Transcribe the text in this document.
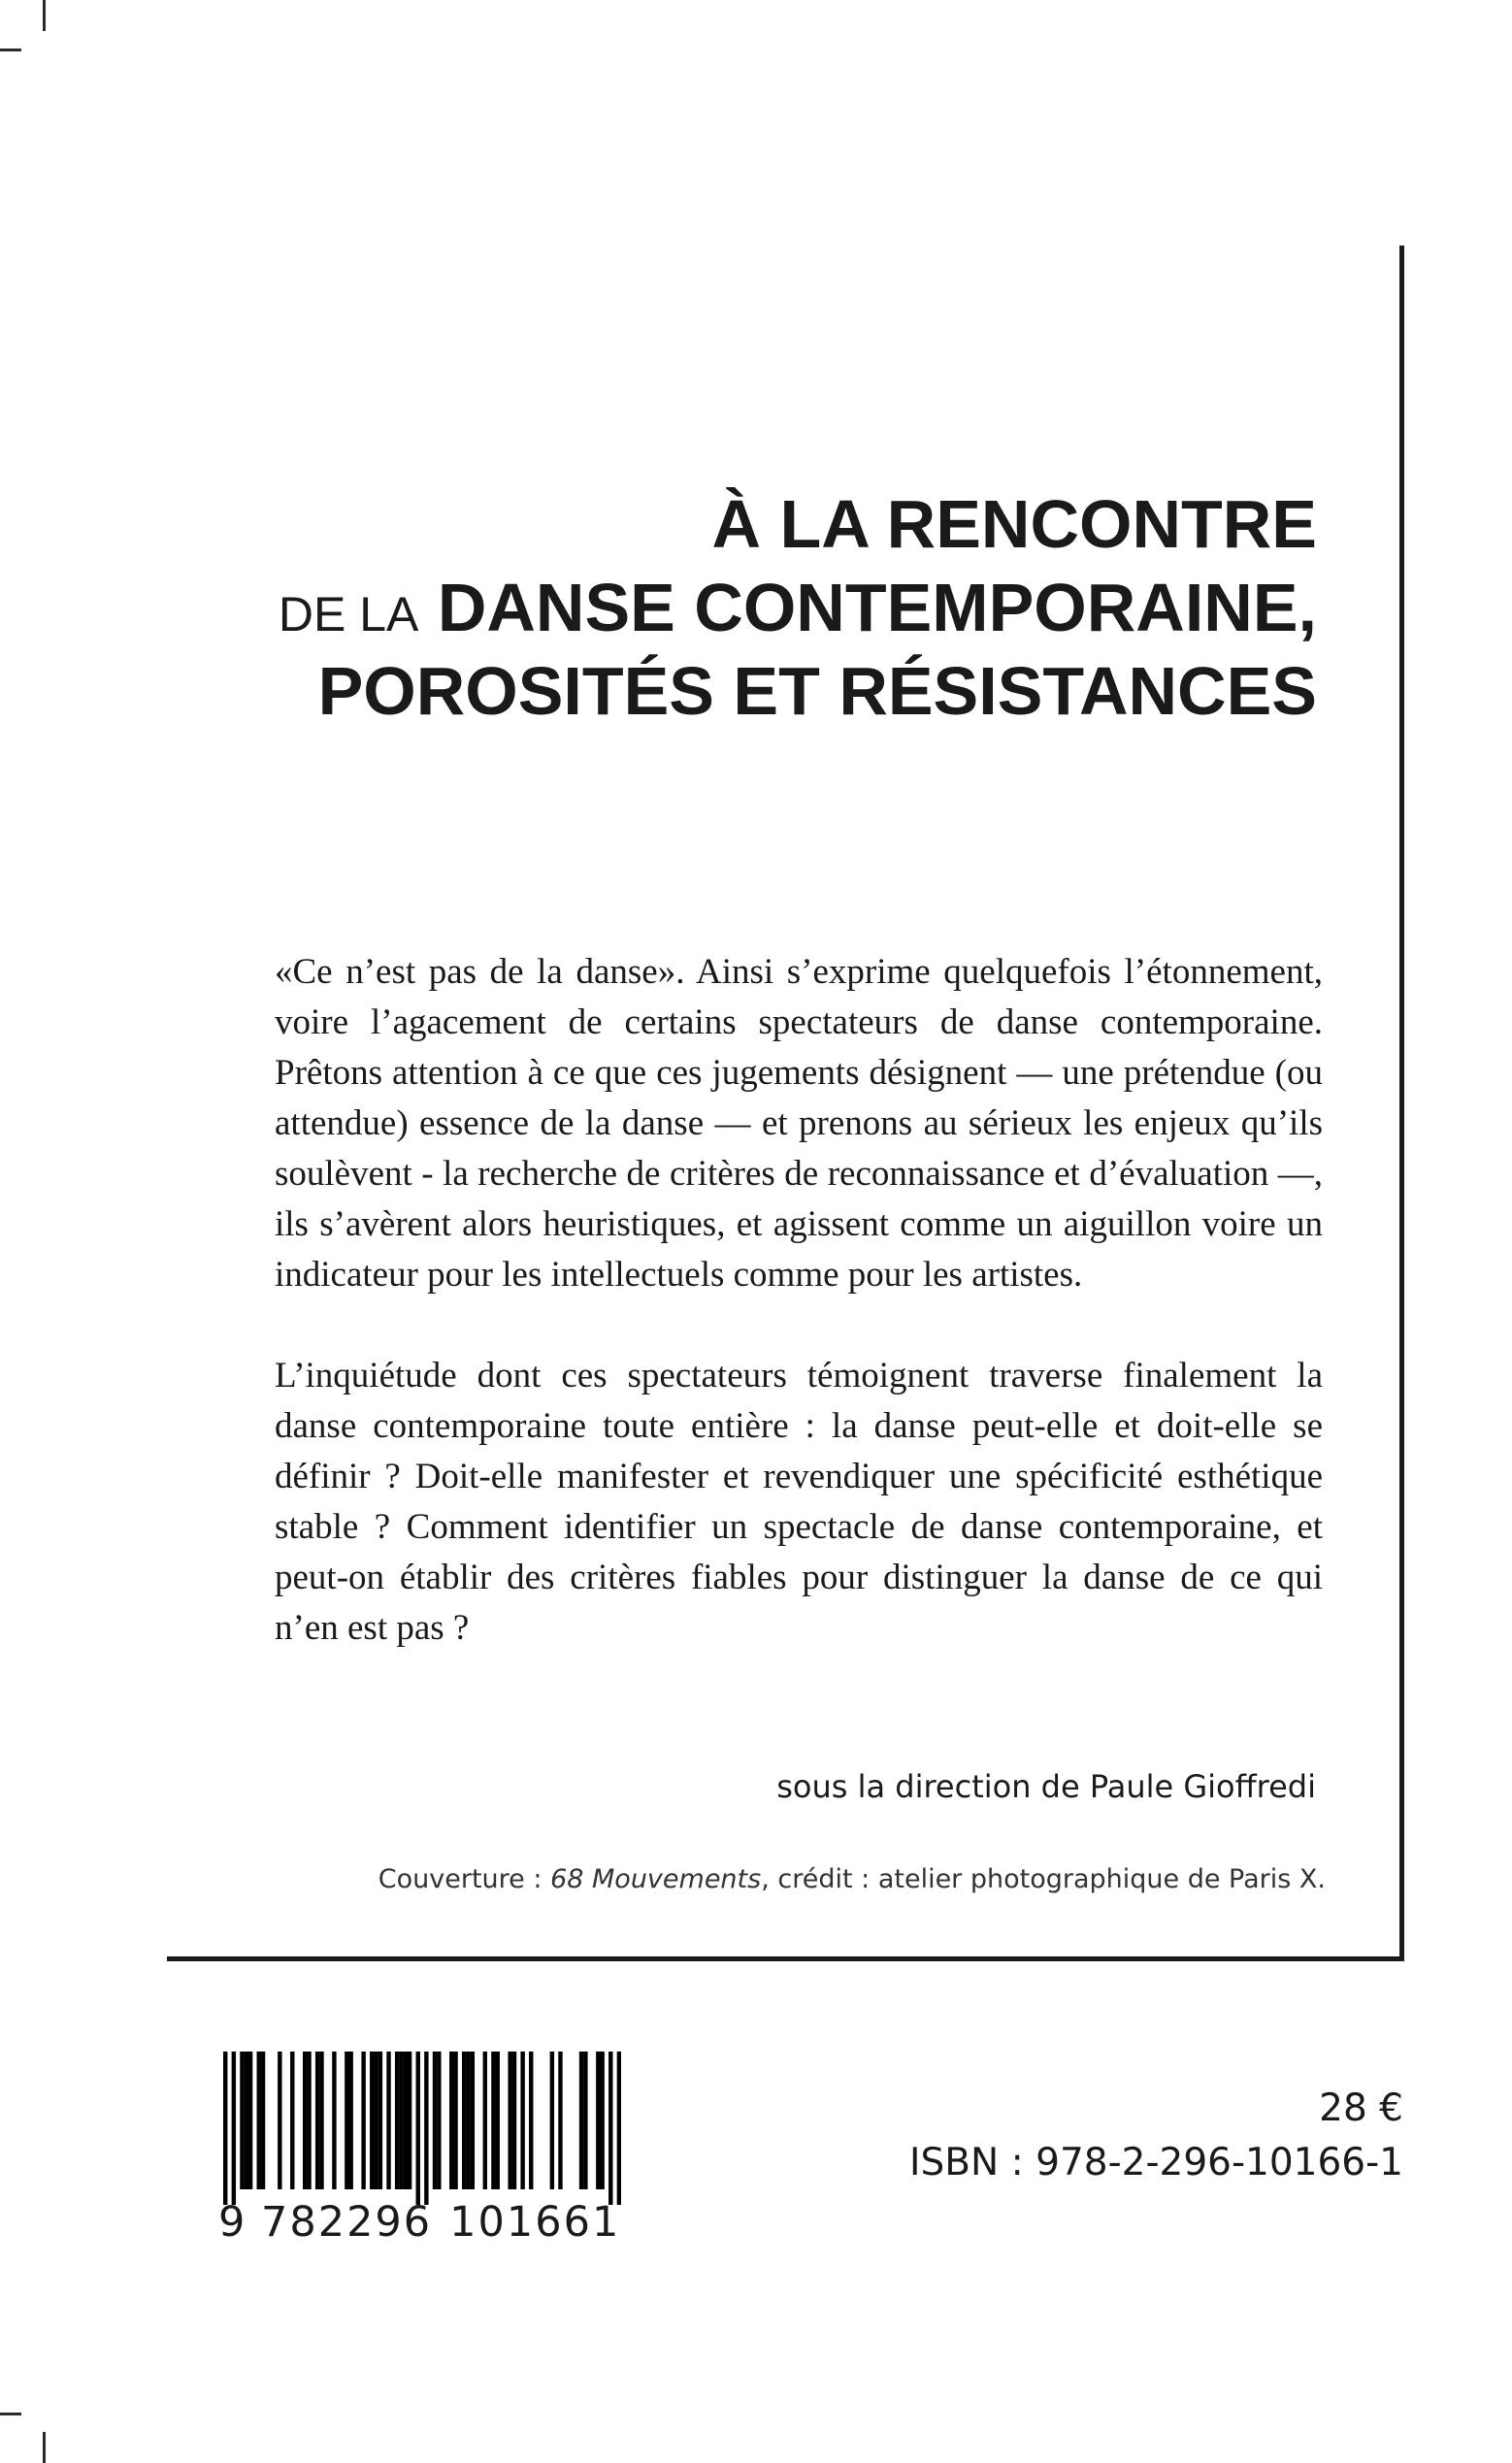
À LA RENCONTRE
DE LA DANSE CONTEMPORAINE,
POROSITÉS ET RÉSISTANCES

«Ce n’est pas de la danse». Ainsi s’exprime quelquefois l’étonnement, voire l’agacement de certains spectateurs de danse contemporaine. Prêtons attention à ce que ces jugements désignent — une prétendue (ou attendue) essence de la danse — et prenons au sérieux les enjeux qu’ils soulèvent - la recherche de critères de reconnaissance et d’évaluation —, ils s’avèrent alors heuristiques, et agissent comme un aiguillon voire un indicateur pour les intellectuels comme pour les artistes.

L’inquiétude dont ces spectateurs témoignent traverse finalement la danse contemporaine toute entière : la danse peut-elle et doit-elle se définir ? Doit-elle manifester et revendiquer une spécificité esthétique stable ? Comment identifier un spectacle de danse contemporaine, et peut-on établir des critères fiables pour distinguer la danse de ce qui n’en est pas ?

sous la direction de Paule Gioffredi
Couverture : 68 Mouvements, crédit : atelier photographique de Paris X.
9 782296 101661
28 €
ISBN : 978-2-296-10166-1
